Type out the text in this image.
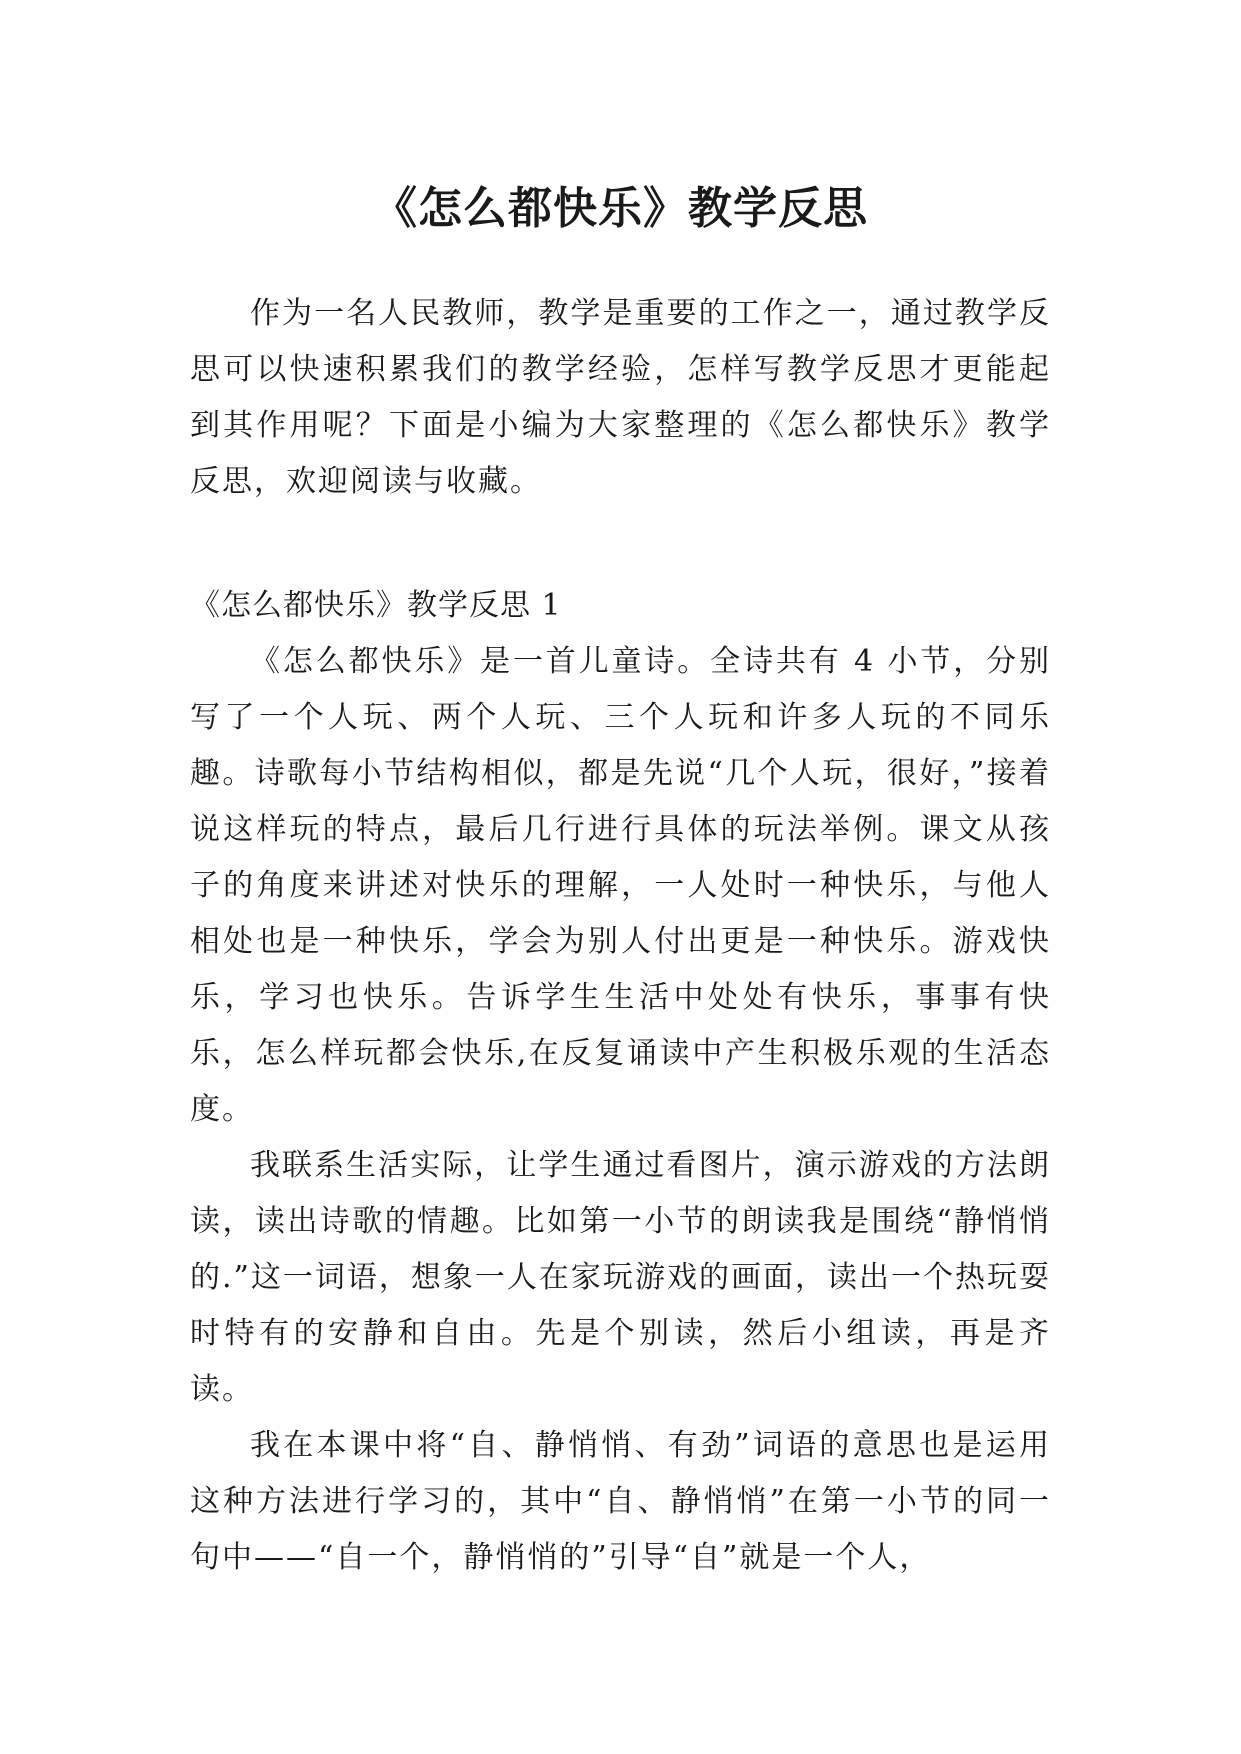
《怎么都快乐》教学反思

作为一名人民教师，教学是重要的工作之一，通过教学反思可以快速积累我们的教学经验，怎样写教学反思才更能起到其作用呢？下面是小编为大家整理的《怎么都快乐》教学反思，欢迎阅读与收藏。

《怎么都快乐》教学反思 1

《怎么都快乐》是一首儿童诗。全诗共有 4 小节，分别写了一个人玩、两个人玩、三个人玩和许多人玩的不同乐趣。诗歌每小节结构相似，都是先说“几个人玩，很好，”接着说这样玩的特点，最后几行进行具体的玩法举例。课文从孩子的角度来讲述对快乐的理解，一人处时一种快乐，与他人相处也是一种快乐，学会为别人付出更是一种快乐。游戏快乐，学习也快乐。告诉学生生活中处处有快乐，事事有快乐，怎么样玩都会快乐,在反复诵读中产生积极乐观的生活态度。

我联系生活实际，让学生通过看图片，演示游戏的方法朗读，读出诗歌的情趣。比如第一小节的朗读我是围绕“静悄悄的.”这一词语，想象一人在家玩游戏的画面，读出一个热玩耍时特有的安静和自由。先是个别读，然后小组读，再是齐读。

我在本课中将“自、静悄悄、有劲”词语的意思也是运用这种方法进行学习的，其中“自、静悄悄”在第一小节的同一句中——“自一个，静悄悄的”引导“自”就是一个人，
